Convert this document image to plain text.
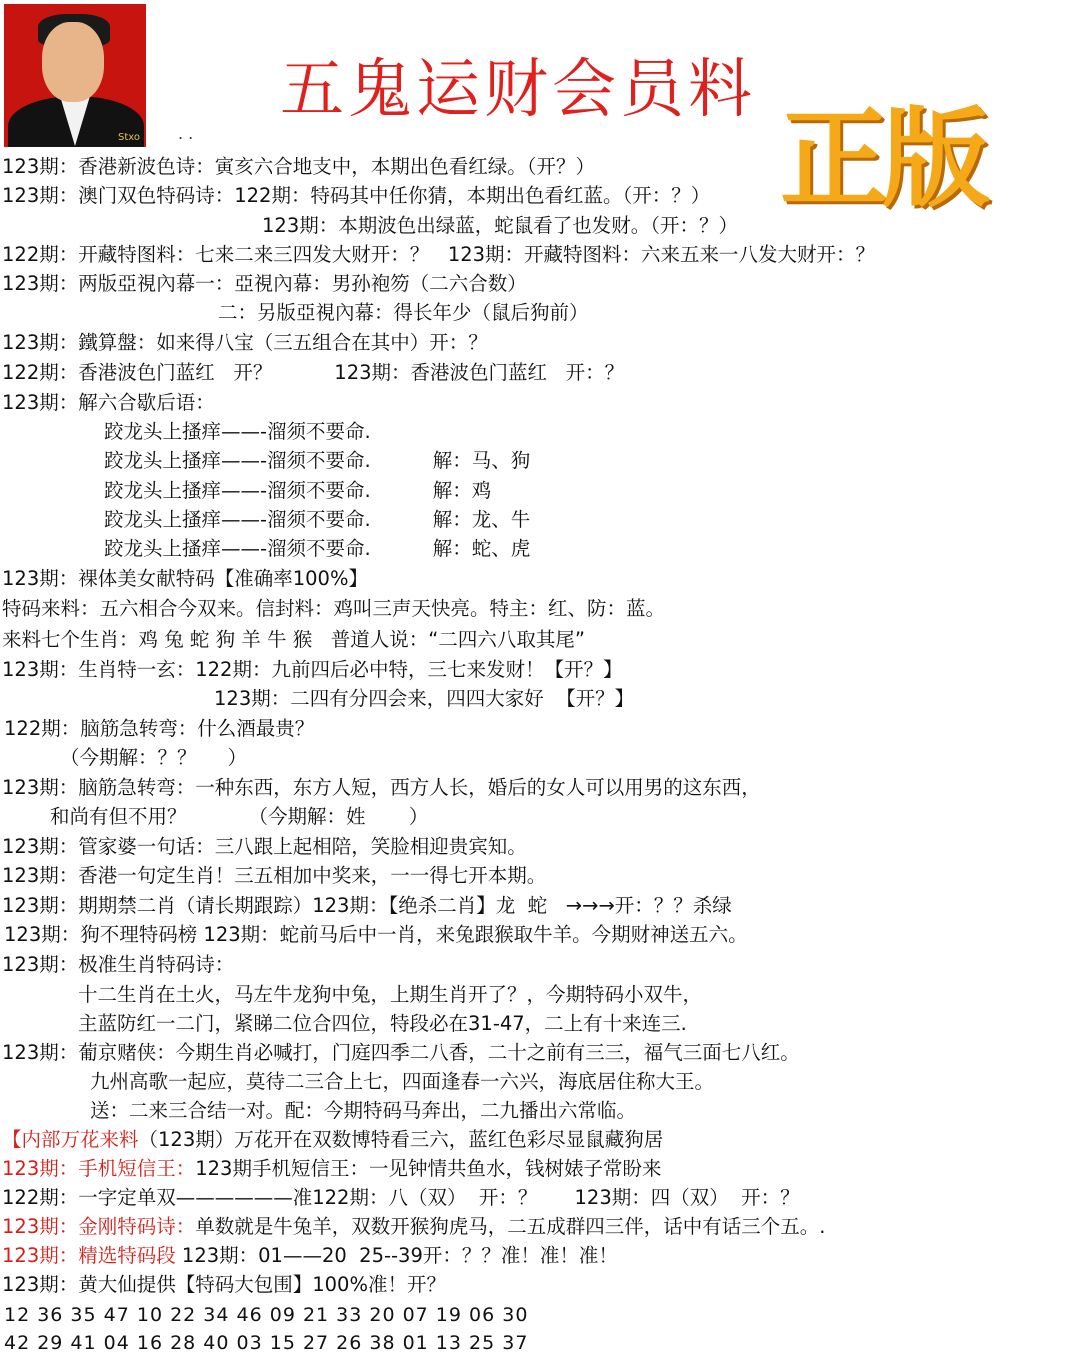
Stxo
五鬼运财会员料
正版
. .
123期：香港新波色诗：寅亥六合地支中，本期出色看红绿。（开？）
123期：澳门双色特码诗：122期：特码其中任你猜，本期出色看红蓝。（开：？）
123期：本期波色出绿蓝，蛇鼠看了也发财。（开：？）
122期：开藏特图料：七来二来三四发大财开：？   123期：开藏特图料：六来五来一八发大财开：？
123期：两版亞視內幕一：亞視內幕：男孙袍笏（二六合数）
二：另版亞視內幕：得长年少（鼠后狗前）
123期：鐵算盤：如来得八宝（三五组合在其中）开：？
122期：香港波色门蓝红   开？          123期：香港波色门蓝红   开：？
123期：解六合歇后语：
跤龙头上搔痒——-溜须不要命.
跤龙头上搔痒——-溜须不要命.          解：马、狗
跤龙头上搔痒——-溜须不要命.          解：鸡
跤龙头上搔痒——-溜须不要命.          解：龙、牛
跤龙头上搔痒——-溜须不要命.          解：蛇、虎
123期：裸体美女献特码【准确率100%】
特码来料：五六相合今双来。信封料：鸡叫三声天快亮。特主：红、防：蓝。
来料七个生肖：鸡 兔 蛇 狗 羊 牛 猴   普道人说：“二四六八取其尾”
123期：生肖特一玄：122期：九前四后必中特，三七来发财！【开？】
123期：二四有分四会来，四四大家好  【开？】
122期：脑筋急转弯：什么酒最贵？
（今期解：？？     ）
123期：脑筋急转弯：一种东西，东方人短，西方人长，婚后的女人可以用男的这东西，
和尚有但不用？          （今期解：姓       ）
123期：管家婆一句话：三八跟上起相陪，笑脸相迎贵宾知。
123期：香港一句定生肖！三五相加中奖来，一一得七开本期。
123期：期期禁二肖（请长期跟踪）123期：【绝杀二肖】龙  蛇   →→→开：？？杀绿
123期：狗不理特码榜 123期：蛇前马后中一肖，来兔跟猴取牛羊。今期财神送五六。
123期：极准生肖特码诗：
十二生肖在土火，马左牛龙狗中兔，上期生肖开了？，今期特码小双牛，
主蓝防红一二门，紧睇二位合四位，特段必在31-47，二上有十来连三.
123期：葡京赌侠：今期生肖必喊打，门庭四季二八香，二十之前有三三，福气三面七八红。
九州高歌一起应，莫待二三合上七，四面逢春一六兴，海底居住称大王。
送：二来三合结一对。配：今期特码马奔出，二九播出六常临。
【内部万花来料（123期）万花开在双数博特看三六，蓝红色彩尽显鼠藏狗居
123期：手机短信王：123期手机短信王：一见钟情共鱼水，钱树婊子常盼来
122期：一字定单双——————准122期：八（双）  开：？      123期：四（双）  开：？
123期：金刚特码诗：单数就是牛兔羊，双数开猴狗虎马，二五成群四三伴，话中有话三个五。.
123期：精选特码段 123期：01——20  25--39开：？？准！准！准！
123期：黄大仙提供【特码大包围】100%准！开？
12 36 35 47 10 22 34 46 09 21 33 20 07 19 06 30
42 29 41 04 16 28 40 03 15 27 26 38 01 13 25 37
